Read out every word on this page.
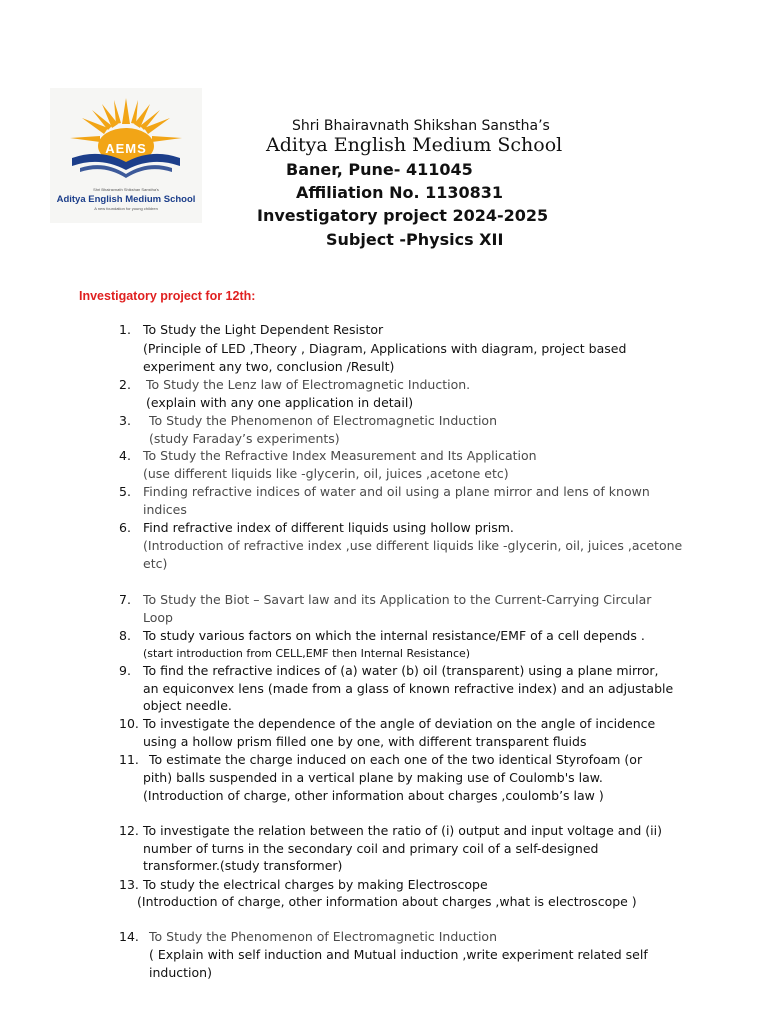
AEMS
Shri Bhairavnath Shikshan Sanstha's
Aditya English Medium School
A new foundation for young children
Shri Bhairavnath Shikshan Sanstha’s
Aditya English Medium School
Baner, Pune- 411045
Affiliation No. 1130831
Investigatory project 2024-2025
Subject -Physics XII
Investigatory project for 12th:
1. To Study the Light Dependent Resistor
(Principle of LED ,Theory , Diagram, Applications with diagram, project based
experiment any two, conclusion /Result)
2. To Study the Lenz law of Electromagnetic Induction.
(explain with any one application in detail)
3. To Study the Phenomenon of Electromagnetic Induction
(study Faraday’s experiments)
4. To Study the Refractive Index Measurement and Its Application
(use different liquids like -glycerin, oil, juices ,acetone etc)
5. Finding refractive indices of water and oil using a plane mirror and lens of known
indices
6. Find refractive index of different liquids using hollow prism.
(Introduction of refractive index ,use different liquids like -glycerin, oil, juices ,acetone
etc)
7. To Study the Biot – Savart law and its Application to the Current-Carrying Circular
Loop
8. To study various factors on which the internal resistance/EMF of a cell depends .
(start introduction from CELL,EMF then Internal Resistance)
9. To find the refractive indices of (a) water (b) oil (transparent) using a plane mirror,
an equiconvex lens (made from a glass of known refractive index) and an adjustable
object needle.
10. To investigate the dependence of the angle of deviation on the angle of incidence
using a hollow prism filled one by one, with different transparent fluids
11. To estimate the charge induced on each one of the two identical Styrofoam (or
pith) balls suspended in a vertical plane by making use of Coulomb's law.
(Introduction of charge, other information about charges ,coulomb’s law )
12. To investigate the relation between the ratio of (i) output and input voltage and (ii)
number of turns in the secondary coil and primary coil of a self-designed
transformer.(study transformer)
13. To study the electrical charges by making Electroscope
(Introduction of charge, other information about charges ,what is electroscope )
14. To Study the Phenomenon of Electromagnetic Induction
( Explain with self induction and Mutual induction ,write experiment related self
induction)
